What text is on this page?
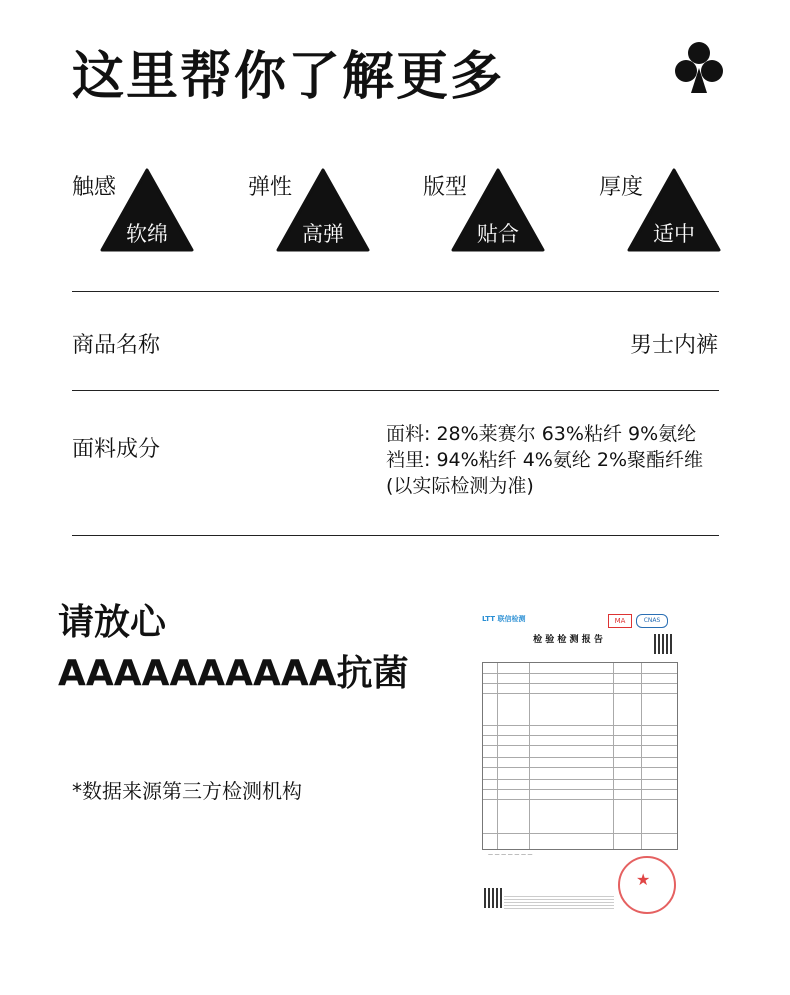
这里帮你了解更多
触感
软绵
弹性
高弹
版型
贴合
厚度
适中
商品名称	男士内裤
面料成分
面料: 28%莱赛尔 63%粘纤 9%氨纶
裆里: 94%粘纤 4%氨纶 2%聚酯纤维
(以实际检测为准)
请放心
AAAAAAAAAA抗菌
*数据来源第三方检测机构
LTT 联信检测	MA	CNAS
检 验 检 测 报 告
— — — — — — —
★
